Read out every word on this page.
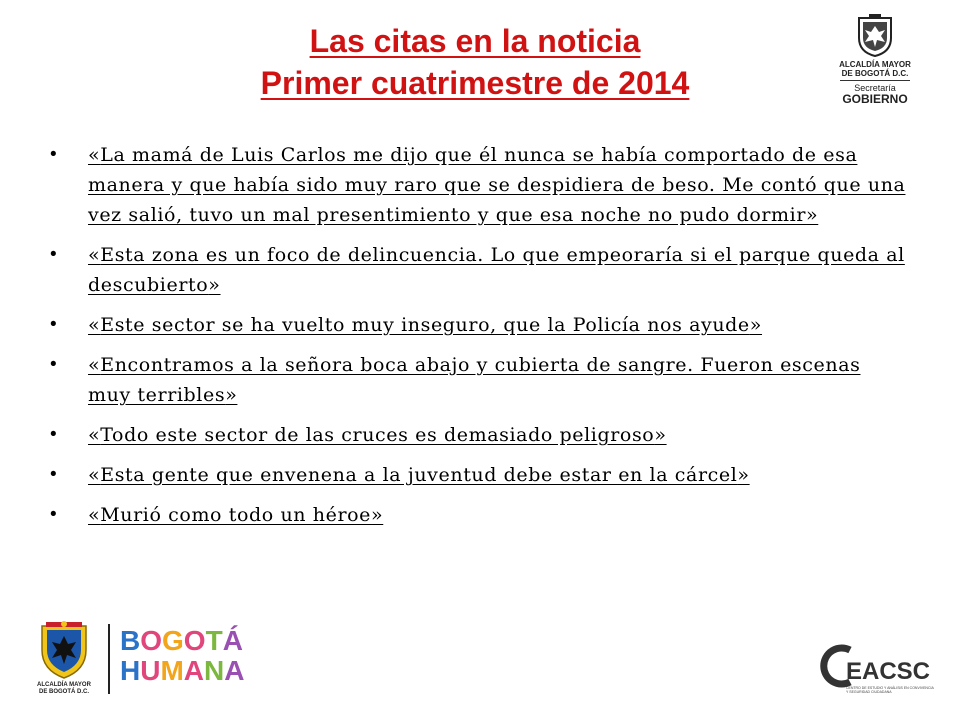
Las citas en la noticia
Primer cuatrimestre de 2014
ALCALDÍA MAYOR
DE BOGOTÁ D.C.
Secretaría
GOBIERNO
• «La mamá de Luis Carlos me dijo que él nunca se había comportado de esa manera y que había sido muy raro que se despidiera de beso. Me contó que una vez salió, tuvo un mal presentimiento y que esa noche no pudo dormir»
• «Esta zona es un foco de delincuencia. Lo que empeoraría si el parque queda al descubierto»
• «Este sector se ha vuelto muy inseguro, que la Policía nos ayude»
• «Encontramos a la señora boca abajo y cubierta de sangre. Fueron escenas muy terribles»
• «Todo este sector de las cruces es demasiado peligroso»
• «Esta gente que envenena a la juventud debe estar en la cárcel»
• «Murió como todo un héroe»
ALCALDÍA MAYOR
DE BOGOTÁ D.C.
BOGOTÁ
HUMANA	EACSC
CENTRO DE ESTUDIO Y ANÁLISIS EN CONVIVENCIA Y SEGURIDAD CIUDADANA
